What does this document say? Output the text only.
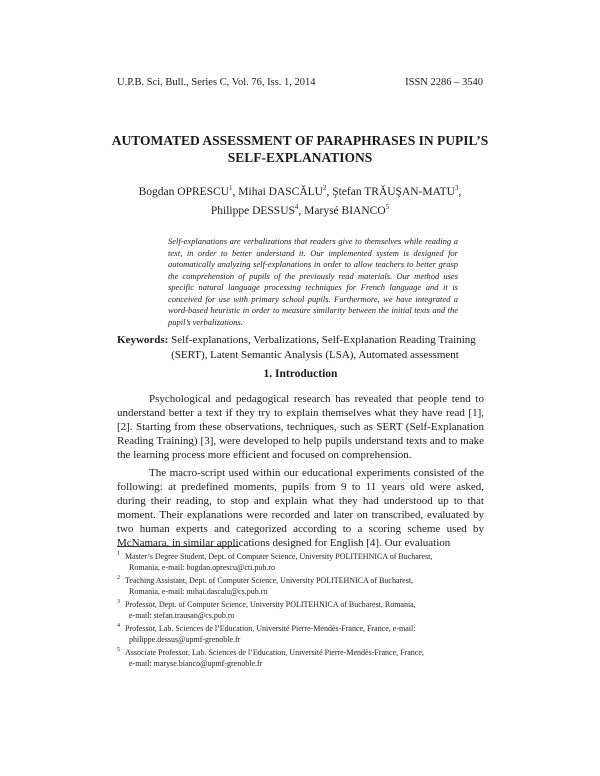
U.P.B. Sci. Bull., Series C, Vol. 76, Iss. 1, 2014	ISSN 2286 – 3540
AUTOMATED ASSESSMENT OF PARAPHRASES IN PUPIL’S
SELF-EXPLANATIONS
Bogdan OPRESCU$^1$, Mihai DASCĂLU$^2$, Ştefan TRĂUŞAN-MATU$^3$,
Philippe DESSUS$^4$, Marysé BIANCO$^5$
Self-explanations are verbalizations that readers give to themselves while reading a text, in order to better understand it. Our implemented system is designed for automatically analyzing self-explanations in order to allow teachers to better grasp the comprehension of pupils of the previously read materials. Our method uses specific natural language processing techniques for French language and it is conceived for use with primary school pupils. Furthermore, we have integrated a word-based heuristic in order to measure similarity between the initial texts and the pupil’s verbalizations.
Keywords: Self-explanations, Verbalizations, Self-Explanation Reading Training (SERT), Latent Semantic Analysis (LSA), Automated assessment
1. Introduction

Psychological and pedagogical research has revealed that people tend to understand better a text if they try to explain themselves what they have read [1], [2]. Starting from these observations, techniques, such as SERT (Self-Explanation Reading Training) [3], were developed to help pupils understand texts and to make the learning process more efficient and focused on comprehension.

The macro-script used within our educational experiments consisted of the following: at predefined moments, pupils from 9 to 11 years old were asked, during their reading, to stop and explain what they had understood up to that moment. Their explanations were recorded and later on transcribed, evaluated by two human experts and categorized according to a scoring scheme used by McNamara, in similar applications designed for English [4]. Our evaluation

1 Master’s Degree Student, Dept. of Computer Science, University POLITEHNICA of Bucharest,
Romania, e-mail: bogdan.oprescu@cti.pub.ro
2 Teaching Assistant, Dept. of Computer Science, University POLITEHNICA of Bucharest,
Romania, e-mail: mihai.dascalu@cs.pub.ro
3 Professor, Dept. of Computer Science, University POLITEHNICA of Bucharest, Romania,
e-mail: stefan.trausan@cs.pub.ro
4 Professor, Lab. Sciences de l’Education, Université Pierre-Mendès-France, France, e-mail:
philippe.dessus@upmf-grenoble.fr
5 Associate Professor, Lab. Sciences de l’Education, Université Pierre-Mendès-France, France,
e-mail: maryse.bianco@upmf-grenoble.fr
